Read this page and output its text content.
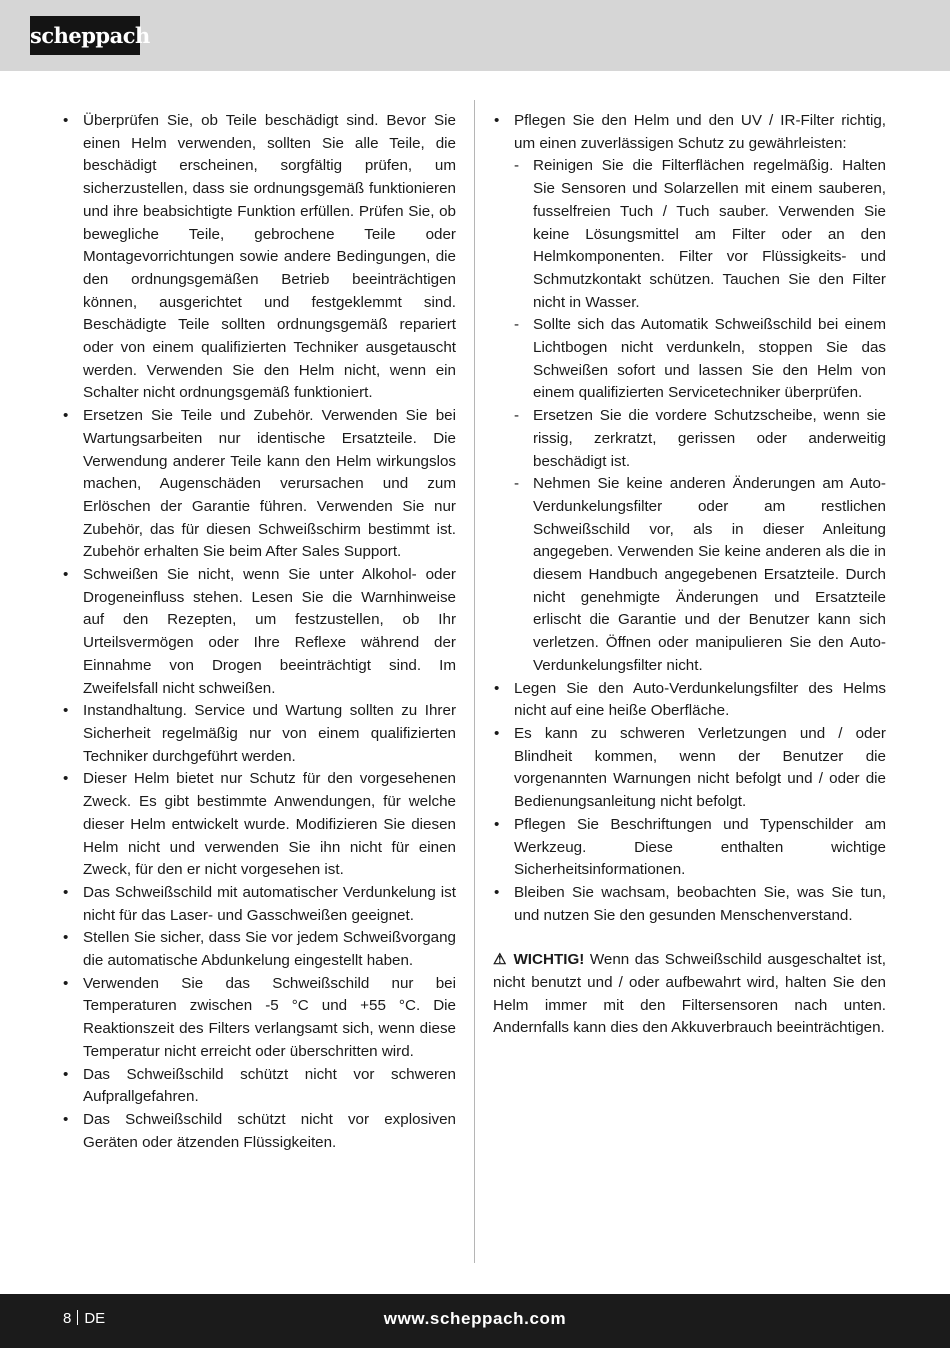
scheppach
• Überprüfen Sie, ob Teile beschädigt sind. Bevor Sie einen Helm verwenden, sollten Sie alle Teile, die beschädigt erscheinen, sorgfältig prüfen, um sicherzustellen, dass sie ordnungsgemäß funktionieren und ihre beabsichtigte Funktion erfüllen. Prüfen Sie, ob bewegliche Teile, gebrochene Teile oder Montagevorrichtungen sowie andere Bedingungen, die den ordnungsgemäßen Betrieb beeinträchtigen können, ausgerichtet und festgeklemmt sind. Beschädigte Teile sollten ordnungsgemäß repariert oder von einem qualifizierten Techniker ausgetauscht werden. Verwenden Sie den Helm nicht, wenn ein Schalter nicht ordnungsgemäß funktioniert.
• Ersetzen Sie Teile und Zubehör. Verwenden Sie bei Wartungsarbeiten nur identische Ersatzteile. Die Verwendung anderer Teile kann den Helm wirkungslos machen, Augenschäden verursachen und zum Erlöschen der Garantie führen. Verwenden Sie nur Zubehör, das für diesen Schweißschirm bestimmt ist. Zubehör erhalten Sie beim After Sales Support.
• Schweißen Sie nicht, wenn Sie unter Alkohol- oder Drogeneinfluss stehen. Lesen Sie die Warnhinweise auf den Rezepten, um festzustellen, ob Ihr Urteilsvermögen oder Ihre Reflexe während der Einnahme von Drogen beeinträchtigt sind. Im Zweifelsfall nicht schweißen.
• Instandhaltung. Service und Wartung sollten zu Ihrer Sicherheit regelmäßig nur von einem qualifizierten Techniker durchgeführt werden.
• Dieser Helm bietet nur Schutz für den vorgesehenen Zweck. Es gibt bestimmte Anwendungen, für welche dieser Helm entwickelt wurde. Modifizieren Sie diesen Helm nicht und verwenden Sie ihn nicht für einen Zweck, für den er nicht vorgesehen ist.
• Das Schweißschild mit automatischer Verdunkelung ist nicht für das Laser- und Gasschweißen geeignet.
• Stellen Sie sicher, dass Sie vor jedem Schweißvorgang die automatische Abdunkelung eingestellt haben.
• Verwenden Sie das Schweißschild nur bei Temperaturen zwischen -5 °C und +55 °C. Die Reaktionszeit des Filters verlangsamt sich, wenn diese Temperatur nicht erreicht oder überschritten wird.
• Das Schweißschild schützt nicht vor schweren Aufprallgefahren.
• Das Schweißschild schützt nicht vor explosiven Geräten oder ätzenden Flüssigkeiten.
• Pflegen Sie den Helm und den UV / IR-Filter richtig, um einen zuverlässigen Schutz zu gewährleisten:
- Reinigen Sie die Filterflächen regelmäßig. Halten Sie Sensoren und Solarzellen mit einem sauberen, fusselfreien Tuch / Tuch sauber. Verwenden Sie keine Lösungsmittel am Filter oder an den Helmkomponenten. Filter vor Flüssigkeits- und Schmutzkontakt schützen. Tauchen Sie den Filter nicht in Wasser.
- Sollte sich das Automatik Schweißschild bei einem Lichtbogen nicht verdunkeln, stoppen Sie das Schweißen sofort und lassen Sie den Helm von einem qualifizierten Servicetechniker überprüfen.
- Ersetzen Sie die vordere Schutzscheibe, wenn sie rissig, zerkratzt, gerissen oder anderweitig beschädigt ist.
- Nehmen Sie keine anderen Änderungen am Auto-Verdunkelungsfilter oder am restlichen Schweißschild vor, als in dieser Anleitung angegeben. Verwenden Sie keine anderen als die in diesem Handbuch angegebenen Ersatzteile. Durch nicht genehmigte Änderungen und Ersatzteile erlischt die Garantie und der Benutzer kann sich verletzen. Öffnen oder manipulieren Sie den Auto-Verdunkelungsfilter nicht.
• Legen Sie den Auto-Verdunkelungsfilter des Helms nicht auf eine heiße Oberfläche.
• Es kann zu schweren Verletzungen und / oder Blindheit kommen, wenn der Benutzer die vorgenannten Warnungen nicht befolgt und / oder die Bedienungsanleitung nicht befolgt.
• Pflegen Sie Beschriftungen und Typenschilder am Werkzeug. Diese enthalten wichtige Sicherheitsinformationen.
• Bleiben Sie wachsam, beobachten Sie, was Sie tun, und nutzen Sie den gesunden Menschenverstand.

⚠ WICHTIG! Wenn das Schweißschild ausgeschaltet ist, nicht benutzt und / oder aufbewahrt wird, halten Sie den Helm immer mit den Filtersensoren nach unten. Andernfalls kann dies den Akkuverbrauch beeinträchtigen.

8 DE	www.scheppach.com
